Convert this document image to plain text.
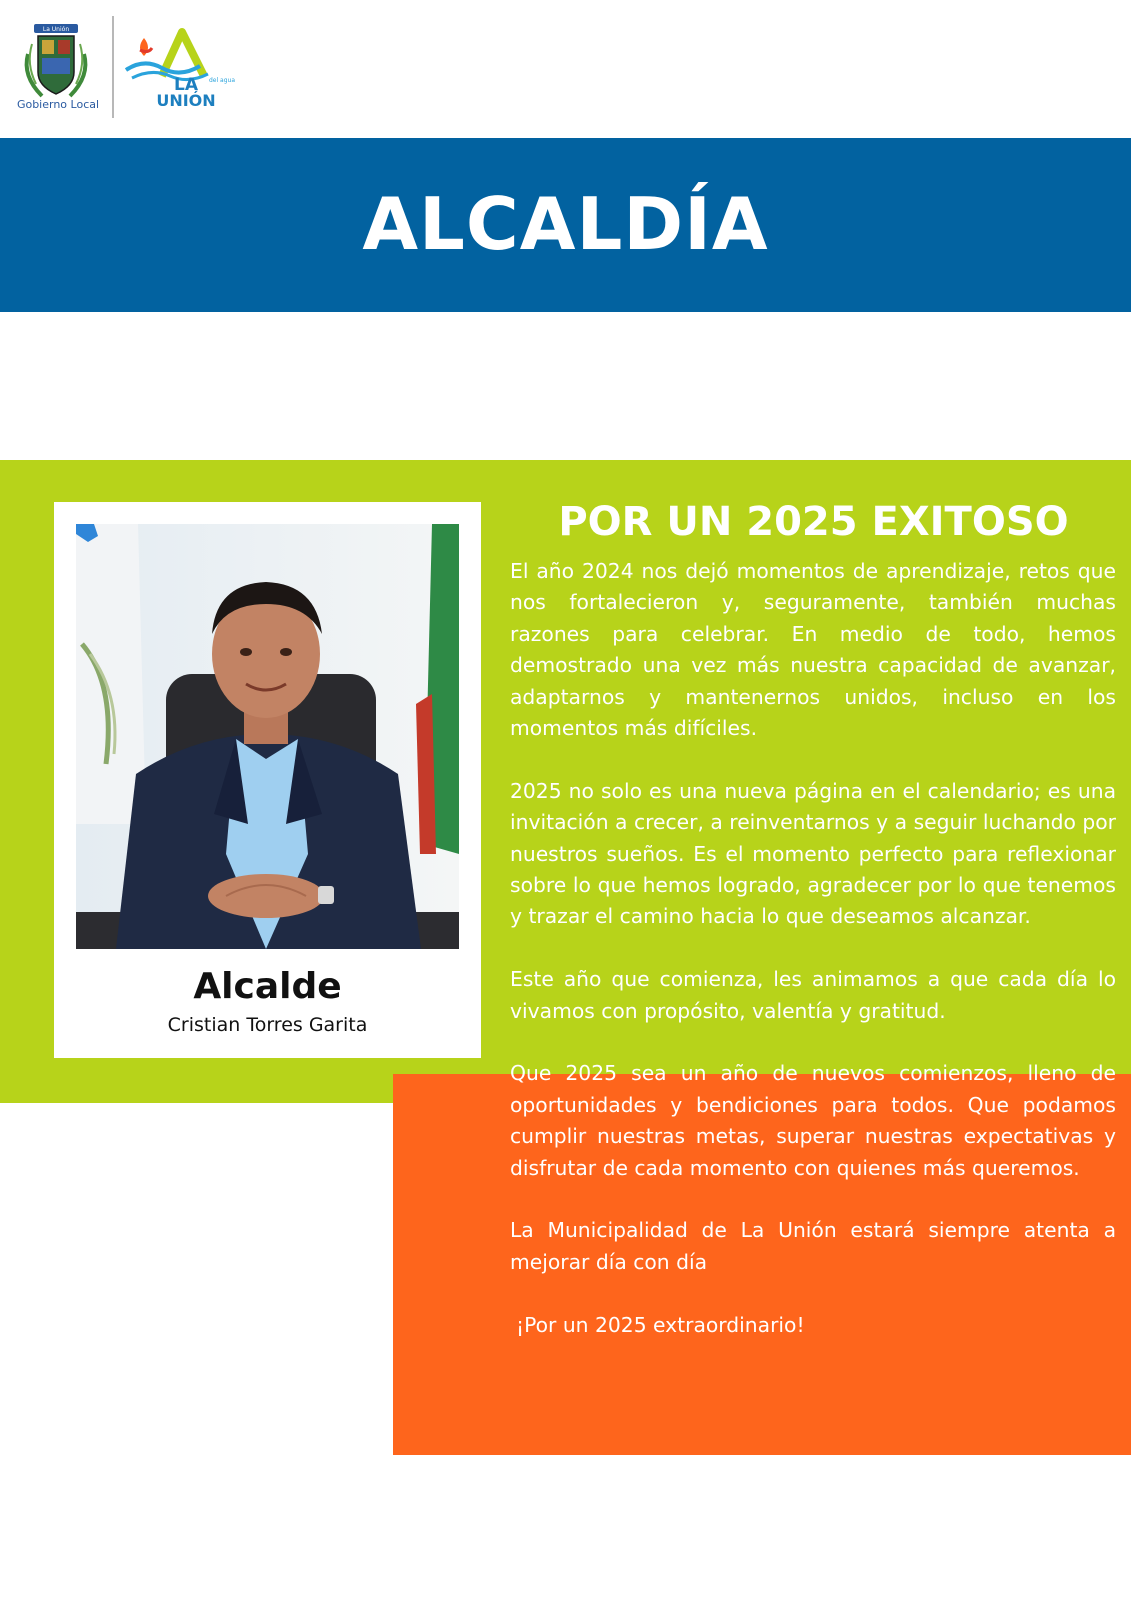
La Unión
Gobierno Local
del agua
LA
UNIÓN
ALCALDÍA
Alcalde
Cristian Torres Garita
POR UN 2025 EXITOSO

El año 2024 nos dejó momentos de aprendizaje, retos que nos fortalecieron y, seguramente, también muchas razones para celebrar. En medio de todo, hemos demostrado una vez más nuestra capacidad de avanzar, adaptarnos y mantenernos unidos, incluso en los momentos más difíciles.

2025 no solo es una nueva página en el calendario; es una invitación a crecer, a reinventarnos y a seguir luchando por nuestros sueños. Es el momento perfecto para reflexionar sobre lo que hemos logrado, agradecer por lo que tenemos y trazar el camino hacia lo que deseamos alcanzar.

Este año que comienza, les animamos a que cada día lo vivamos con propósito, valentía y gratitud.

Que 2025 sea un año de nuevos comienzos, lleno de oportunidades y bendiciones para todos. Que podamos cumplir nuestras metas, superar nuestras expectativas y disfrutar de cada momento con quienes más queremos.

La Municipalidad de La Unión estará siempre atenta a mejorar día con día

¡Por un 2025 extraordinario!
